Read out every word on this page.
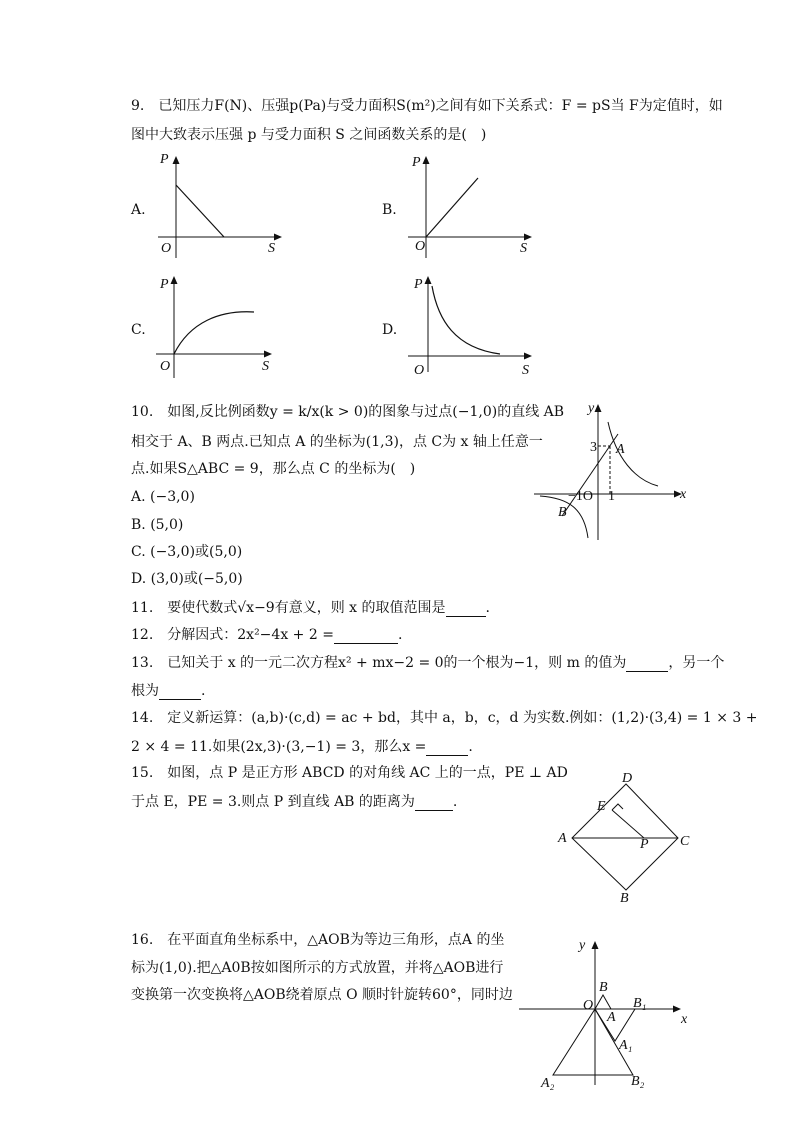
9.　已知压力F(N)、压强p(Pa)与受力面积S(m²)之间有如下关系式：F = pS当 F为定值时，如
图中大致表示压强 p 与受力面积 S 之间函数关系的是(　)
A.	B.
C.	D.
P
S
O
P
S
O
P
S
O
P
S
O
10.　如图,反比例函数y = k/x(k > 0)的图象与过点(−1,0)的直线 AB
相交于 A、B 两点.已知点 A 的坐标为(1,3)，点 C为 x 轴上任意一
点.如果S△ABC = 9，那么点 C 的坐标为(　)
A. (−3,0)
B. (5,0)
C. (−3,0)或(5,0)
D. (3,0)或(−5,0)
y
x
3 A
B
−1O 1
11.　要使代数式√x−9有意义，则 x 的取值范围是	.
12.　分解因式：2x²−4x + 2 =	.
13.　已知关于 x 的一元二次方程x² + mx−2 = 0的一个根为−1，则 m 的值为	，另一个
根为	.
14.　定义新运算：(a,b)·(c,d) = ac + bd，其中 a，b，c，d 为实数.例如：(1,2)·(3,4) = 1 × 3 +
2 × 4 = 11.如果(2x,3)·(3,−1) = 3，那么x =	.
15.　如图，点 P 是正方形 ABCD 的对角线 AC 上的一点，PE ⊥ AD
于点 E，PE = 3.则点 P 到直线 AB 的距离为	.
D
E
A	P C
B
16.　在平面直角坐标系中，△AOB为等边三角形，点A 的坐
标为(1,0).把△A0B按如图所示的方式放置，并将△AOB进行
变换第一次变换将△AOB绕着原点 O 顺时针旋转60°，同时边
O
B
A
B₁
A₁
A₂	B₂
y
x
